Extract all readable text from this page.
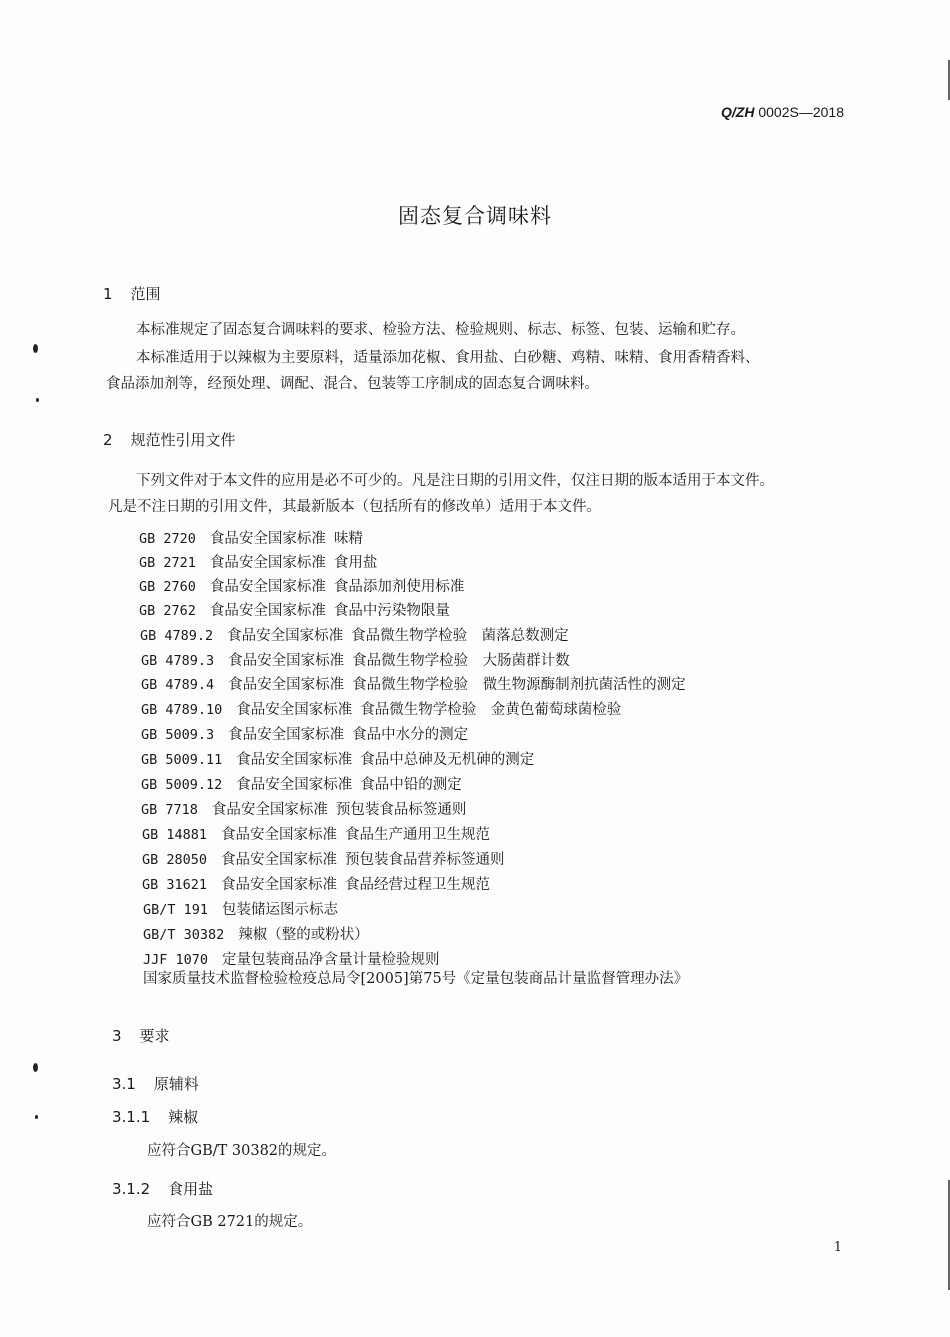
Q/ZH 0002S—2018
固态复合调味料
1 范围
本标准规定了固态复合调味料的要求、检验方法、检验规则、标志、标签、包装、运输和贮存。
本标准适用于以辣椒为主要原料，适量添加花椒、食用盐、白砂糖、鸡精、味精、食用香精香料、
食品添加剂等，经预处理、调配、混合、包装等工序制成的固态复合调味料。
2 规范性引用文件
下列文件对于本文件的应用是必不可少的。凡是注日期的引用文件，仅注日期的版本适用于本文件。
凡是不注日期的引用文件，其最新版本（包括所有的修改单）适用于本文件。
GB 2720 食品安全国家标准 味精
GB 2721 食品安全国家标准 食用盐
GB 2760 食品安全国家标准 食品添加剂使用标准
GB 2762 食品安全国家标准 食品中污染物限量
GB 4789.2 食品安全国家标准 食品微生物学检验　菌落总数测定
GB 4789.3 食品安全国家标准 食品微生物学检验　大肠菌群计数
GB 4789.4 食品安全国家标准 食品微生物学检验　微生物源酶制剂抗菌活性的测定
GB 4789.10 食品安全国家标准 食品微生物学检验　金黄色葡萄球菌检验
GB 5009.3 食品安全国家标准 食品中水分的测定
GB 5009.11 食品安全国家标准 食品中总砷及无机砷的测定
GB 5009.12 食品安全国家标准 食品中铅的测定
GB 7718 食品安全国家标准 预包装食品标签通则
GB 14881 食品安全国家标准 食品生产通用卫生规范
GB 28050 食品安全国家标准 预包装食品营养标签通则
GB 31621 食品安全国家标准 食品经营过程卫生规范
GB/T 191 包装储运图示标志
GB/T 30382 辣椒（整的或粉状）
JJF 1070 定量包装商品净含量计量检验规则
国家质量技术监督检验检疫总局令[2005]第75号《定量包装商品计量监督管理办法》
3 要求
3.1 原辅料
3.1.1 辣椒
应符合GB/T 30382的规定。
3.1.2 食用盐
应符合GB 2721的规定。
1
